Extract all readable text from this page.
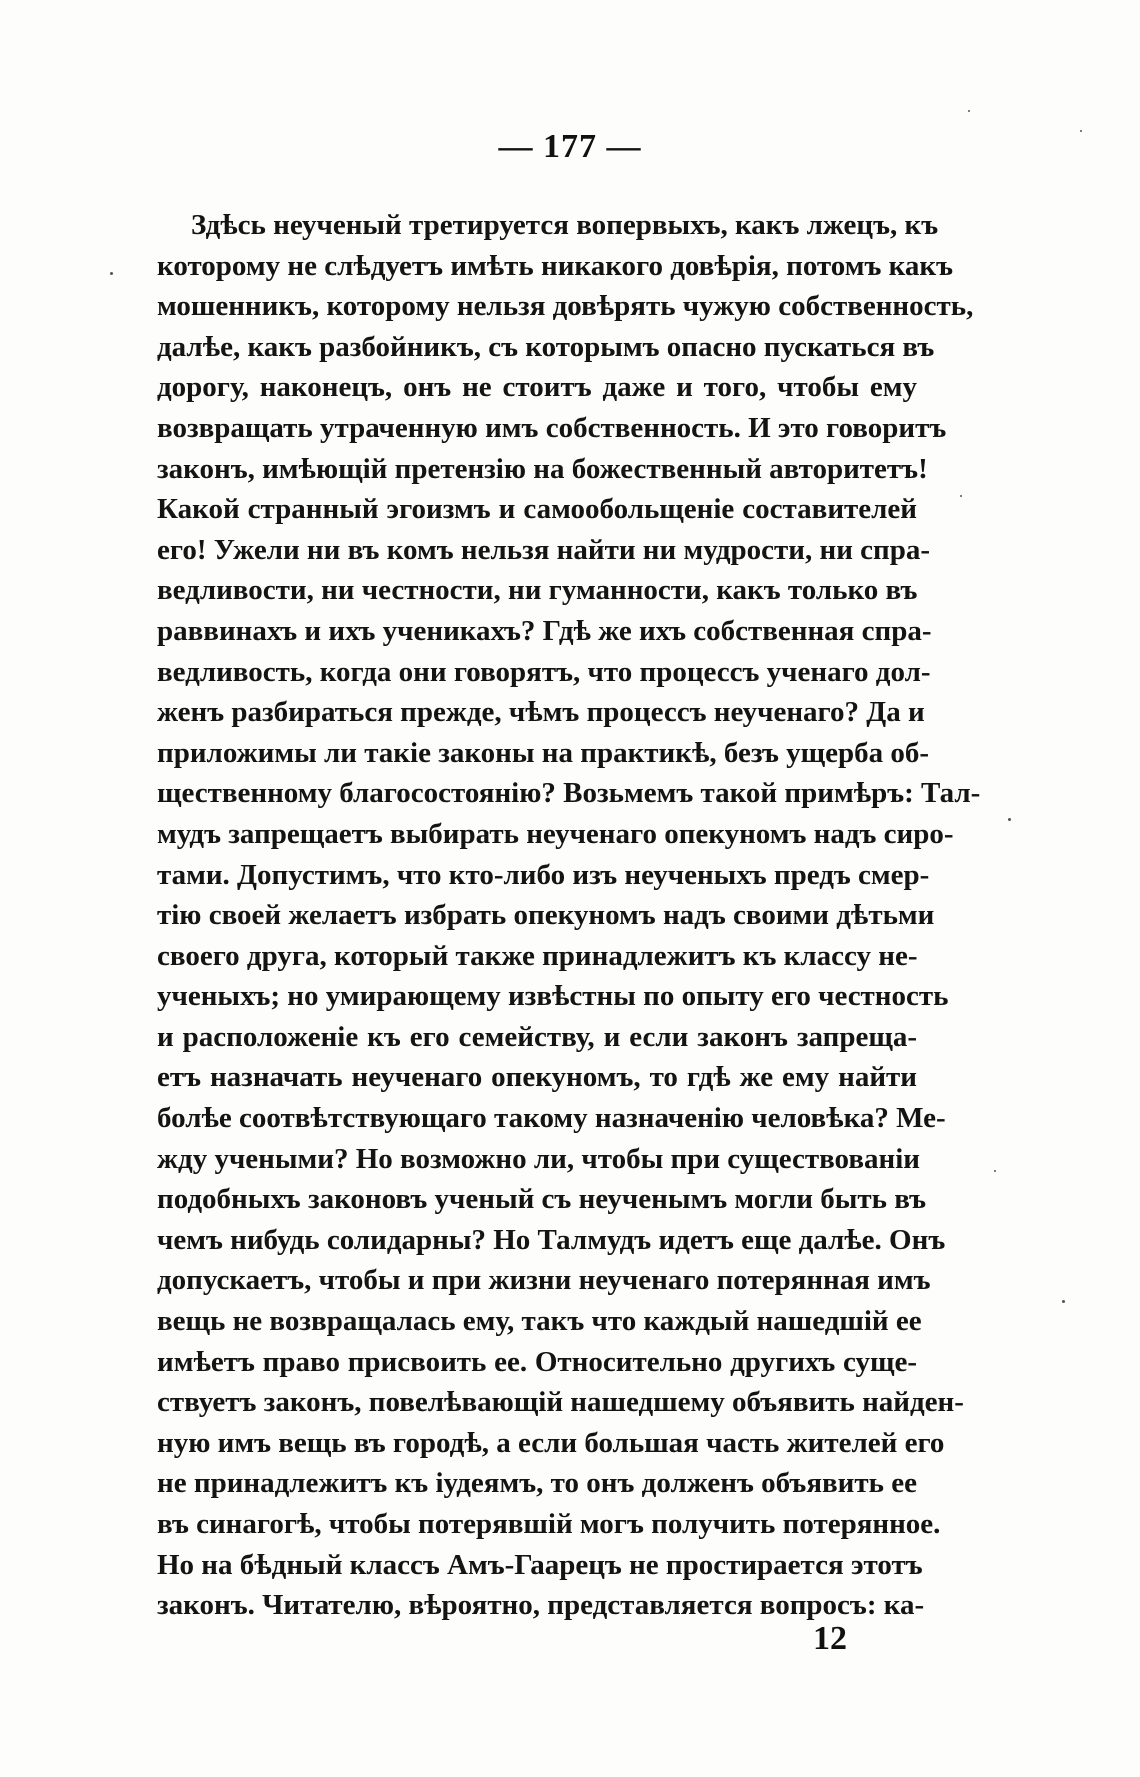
— 177 —
Здѣсь неученый третируется вопервыхъ, какъ лжецъ, къ
которому не слѣдуетъ имѣть никакого довѣрія, потомъ какъ
мошенникъ, которому нельзя довѣрять чужую собственность,
далѣе, какъ разбойникъ, съ которымъ опасно пускаться въ
дорогу, наконецъ, онъ не стоитъ даже и того, чтобы ему
возвращать утраченную имъ собственность. И это говоритъ
законъ, имѣющій претензію на божественный авторитетъ!
Какой странный эгоизмъ и самообольщеніе составителей
его! Ужели ни въ комъ нельзя найти ни мудрости, ни спра-
ведливости, ни честности, ни гуманности, какъ только въ
раввинахъ и ихъ ученикахъ? Гдѣ же ихъ собственная спра-
ведливость, когда они говорятъ, что процессъ ученаго дол-
женъ разбираться прежде, чѣмъ процессъ неученаго? Да и
приложимы ли такіе законы на практикѣ, безъ ущерба об-
щественному благосостоянію? Возьмемъ такой примѣръ: Тал-
мудъ запрещаетъ выбирать неученаго опекуномъ надъ сиро-
тами. Допустимъ, что кто-либо изъ неученыхъ предъ смер-
тію своей желаетъ избрать опекуномъ надъ своими дѣтьми
своего друга, который также принадлежитъ къ классу не-
ученыхъ; но умирающему извѣстны по опыту его честность
и расположеніе къ его семейству, и если законъ запреща-
етъ назначать неученаго опекуномъ, то гдѣ же ему найти
болѣе соотвѣтствующаго такому назначенію человѣка? Ме-
жду учеными? Но возможно ли, чтобы при существованіи
подобныхъ законовъ ученый съ неученымъ могли быть въ
чемъ нибудь солидарны? Но Талмудъ идетъ еще далѣе. Онъ
допускаетъ, чтобы и при жизни неученаго потерянная имъ
вещь не возвращалась ему, такъ что каждый нашедшій ее
имѣетъ право присвоить ее. Относительно другихъ суще-
ствуетъ законъ, повелѣвающій нашедшему объявить найден-
ную имъ вещь въ городѣ, а если большая часть жителей его
не принадлежитъ къ іудеямъ, то онъ долженъ объявить ее
въ синагогѣ, чтобы потерявшій могъ получить потерянное.
Но на бѣдный классъ Амъ-Гаарецъ не простирается этотъ
законъ. Читателю, вѣроятно, представляется вопросъ: ка-
12
